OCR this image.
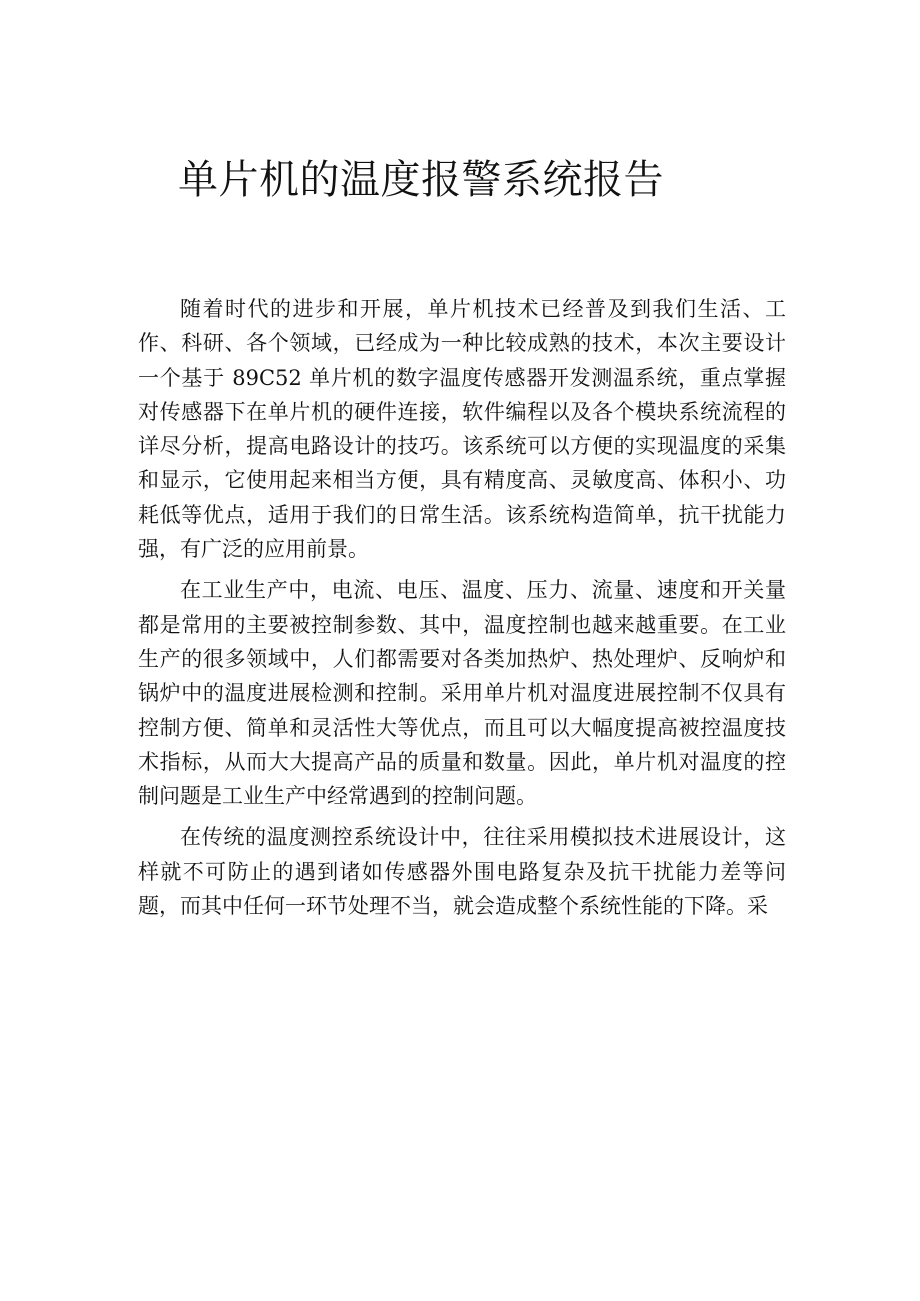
单片机的温度报警系统报告

随着时代的进步和开展，单片机技术已经普及到我们生活、工作、科研、各个领域，已经成为一种比较成熟的技术，本次主要设计一个基于 89C52 单片机的数字温度传感器开发测温系统，重点掌握对传感器下在单片机的硬件连接，软件编程以及各个模块系统流程的详尽分析，提高电路设计的技巧。该系统可以方便的实现温度的采集和显示，它使用起来相当方便，具有精度高、灵敏度高、体积小、功耗低等优点，适用于我们的日常生活。该系统构造简单，抗干扰能力强，有广泛的应用前景。

在工业生产中，电流、电压、温度、压力、流量、速度和开关量都是常用的主要被控制参数、其中，温度控制也越来越重要。在工业生产的很多领域中，人们都需要对各类加热炉、热处理炉、反响炉和锅炉中的温度进展检测和控制。采用单片机对温度进展控制不仅具有控制方便、简单和灵活性大等优点，而且可以大幅度提高被控温度技术指标，从而大大提高产品的质量和数量。因此，单片机对温度的控制问题是工业生产中经常遇到的控制问题。

在传统的温度测控系统设计中，往往采用模拟技术进展设计，这样就不可防止的遇到诸如传感器外围电路复杂及抗干扰能力差等问题，而其中任何一环节处理不当，就会造成整个系统性能的下降。采
